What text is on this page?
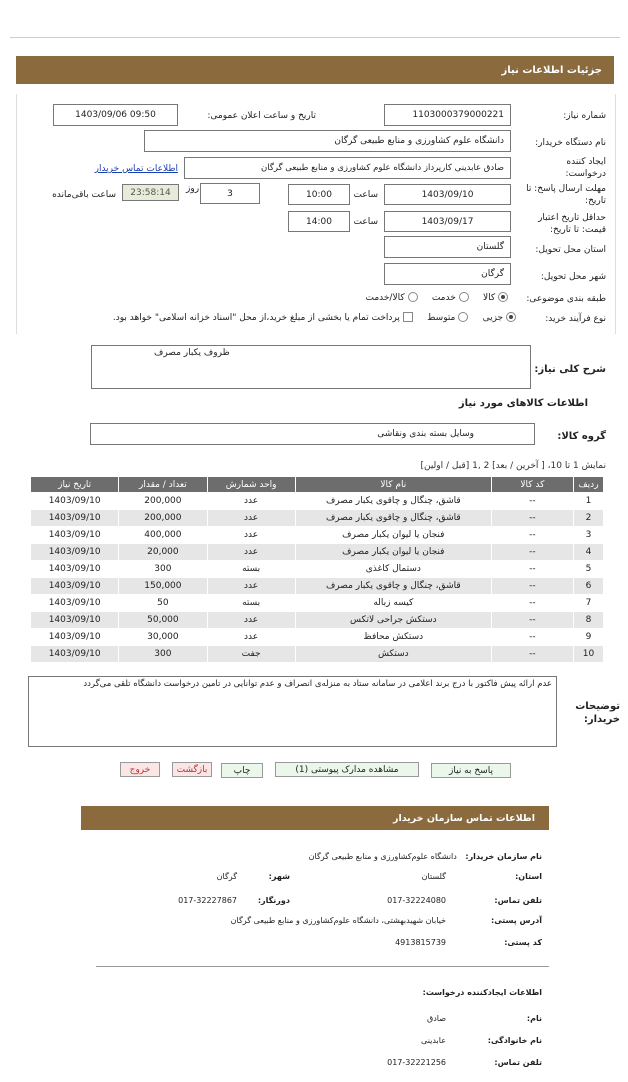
جزئیات اطلاعات نیاز
شماره نیاز:
1103000379000221
تاریخ و ساعت اعلان عمومی:
1403/09/06 09:50
نام دستگاه خریدار:
دانشگاه علوم کشاورزی و منابع طبیعی گرگان
ایجاد کننده درخواست:
صادق عابدینی کارپرداز دانشگاه علوم کشاورزی و منابع طبیعی گرگان
اطلاعات تماس خریدار
مهلت ارسال پاسخ: تا تاریخ:
1403/09/10
ساعت
10:00
3
روز
23:58:14
ساعت باقی‌مانده
حداقل تاریخ اعتبار قیمت: تا تاریخ:
1403/09/17
ساعت
14:00
استان محل تحویل:
گلستان
شهر محل تحویل:
گرگان
طبقه بندی موضوعی:
کالا      خدمت      کالا/خدمت
نوع فرآیند خرید:
جزیی      متوسط      پرداخت تمام یا بخشی از مبلغ خرید،از محل "اسناد خزانه اسلامی" خواهد بود.
شرح کلی نیاز:
ظروف یکبار مصرف
اطلاعات کالاهای مورد نیاز
گروه کالا:
وسایل بسته بندی ونقاشی
نمایش 1 تا 10، [ آخرین / بعد] 2 ,1 [قبل / اولین]
ردیف	کد کالا	نام کالا	واحد شمارش	تعداد / مقدار	تاریخ نیاز
1	--	قاشق، چنگال و چاقوی یکبار مصرف	عدد	200,000	1403/09/10
2	--	قاشق، چنگال و چاقوی یکبار مصرف	عدد	200,000	1403/09/10
3	--	فنجان یا لیوان یکبار مصرف	عدد	400,000	1403/09/10
4	--	فنجان یا لیوان یکبار مصرف	عدد	20,000	1403/09/10
5	--	دستمال کاغذی	بسته	300	1403/09/10
6	--	قاشق، چنگال و چاقوی یکبار مصرف	عدد	150,000	1403/09/10
7	--	کیسه زباله	بسته	50	1403/09/10
8	--	دستکش جراحی لاتکس	عدد	50,000	1403/09/10
9	--	دستکش محافظ	عدد	30,000	1403/09/10
10	--	دستکش	جفت	300	1403/09/10
توضیحات خریدار:
عدم ارائه پیش فاکتور با درج برند اعلامی در سامانه ستاد به منزله‌ی انصراف و عدم توانایی در تامین درخواست دانشگاه تلقی می‌گردد
پاسخ به نیاز
مشاهده مدارک پیوستی (1)
چاپ
بازگشت
خروج
اطلاعات تماس سازمان خریدار
نام سازمان خریدار: دانشگاه علوم‌کشاورزی و منابع طبیعی گرگان
استان:
گلستان
شهر:
گرگان
تلفن تماس:
017-32224080
دورنگار:
017-32227867
آدرس پستی:
خیابان شهیدبهشتی، دانشگاه علوم‌کشاورزی و منابع طبیعی گرگان
کد پستی:
4913815739
اطلاعات ایجادکننده درخواست:
نام:
صادق
نام خانوادگی:
عابدینی
تلفن تماس:
017-32221256
